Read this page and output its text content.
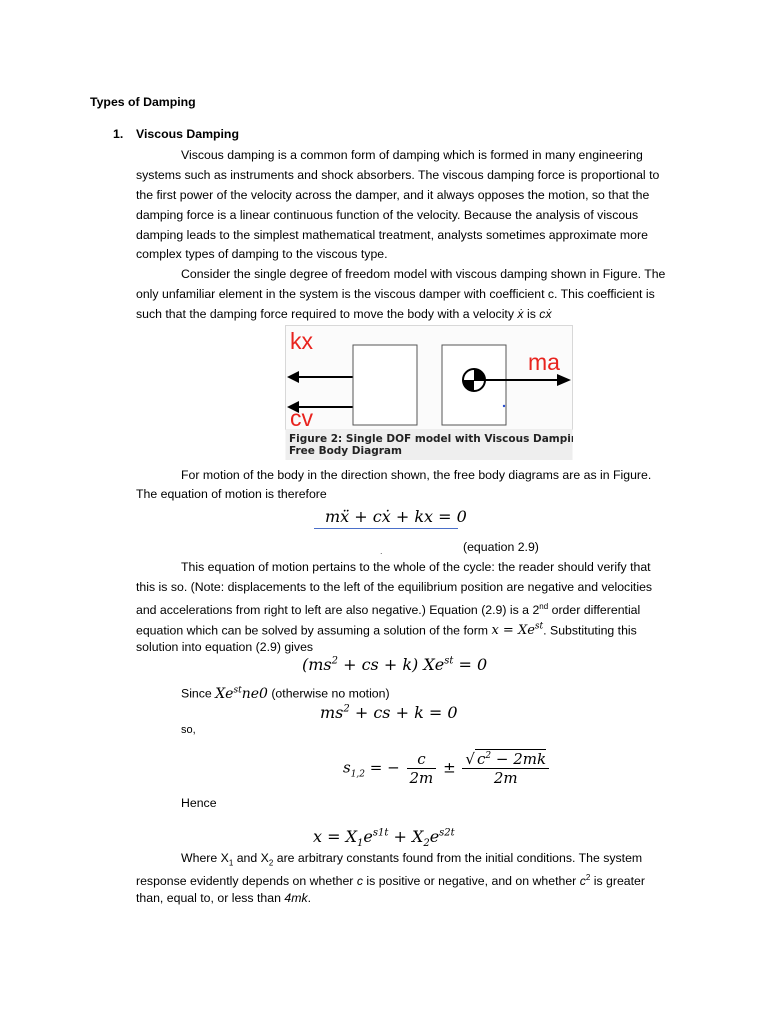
Types of Damping
1. Viscous Damping
Viscous damping is a common form of damping which is formed in many engineering
systems such as instruments and shock absorbers. The viscous damping force is proportional to
the first power of the velocity across the damper, and it always opposes the motion, so that the
damping force is a linear continuous function of the velocity. Because the analysis of viscous
damping leads to the simplest mathematical treatment, analysts sometimes approximate more
complex types of damping to the viscous type.
Consider the single degree of freedom model with viscous damping shown in Figure. The
only unfamiliar element in the system is the viscous damper with coefficient c. This coefficient is
such that the damping force required to move the body with a velocity ẋ is cẋ
kx
cv
ma
Figure 2: Single DOF model with Viscous Damping,
Free Body Diagram
For motion of the body in the direction shown, the free body diagrams are as in Figure.
The equation of motion is therefore
mẍ + cẋ + kx = 0
.	(equation 2.9)
This equation of motion pertains to the whole of the cycle: the reader should verify that
this is so. (Note: displacements to the left of the equilibrium position are negative and velocities
and accelerations from right to left are also negative.) Equation (2.9) is a 2nd order differential
equation which can be solved by assuming a solution of the form $x = Xe^{st}$. Substituting this
solution into equation (2.9) gives
($ms^2$ + cs + k) $Xe^{st} = 0$
Since $Xe^{st}ne0$ (otherwise no motion)
$ms^2$ + cs + k = 0
so,
$s_{1,2}$ = − $\frac{c}{2m} \pm \frac{√ c^2 - 2mk}{2m}$
Hence
$x = X_1e^{s1t} + X_2e^{s2t}$
Where $X_1$ and $X_2$ are arbitrary constants found from the initial conditions. The system
response evidently depends on whether c is positive or negative, and on whether $c^2$ is greater
than, equal to, or less than 4mk.
